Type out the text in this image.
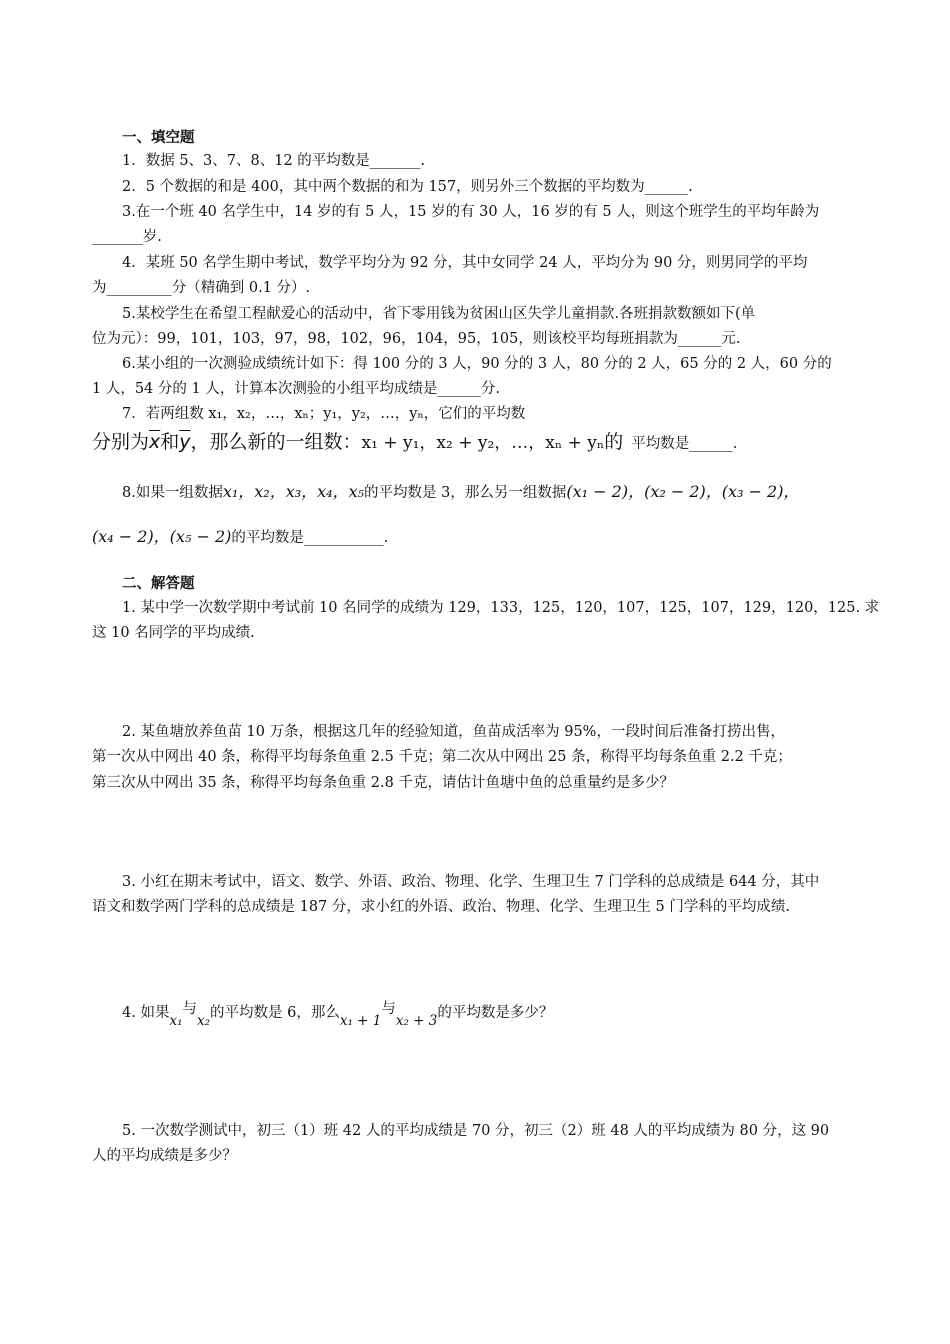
一、填空题
1．数据 5、3、7、8、12 的平均数是_______.
2．5 个数据的和是 400，其中两个数据的和为 157，则另外三个数据的平均数为______.
3.在一个班 40 名学生中，14 岁的有 5 人，15 岁的有 30 人，16 岁的有 5 人，则这个班学生的平均年龄为
_______岁.
4．某班 50 名学生期中考试，数学平均分为 92 分，其中女同学 24 人，平均分为 90 分，则男同学的平均
为_________分（精确到 0.1 分）.
5.某校学生在希望工程献爱心的活动中，省下零用钱为贫困山区失学儿童捐款.各班捐款数额如下(单
位为元）：99，101，103，97，98，102，96，104，95，105，则该校平均每班捐款为______元.
6.某小组的一次测验成绩统计如下：得 100 分的 3 人，90 分的 3 人，80 分的 2 人，65 分的 2 人，60 分的
1 人，54 分的 1 人，计算本次测验的小组平均成绩是______分.
7．若两组数 x₁，x₂，…，xₙ；y₁，y₂，…，yₙ，它们的平均数
分别为$\overline{x}$和$\overline{y}$，那么新的一组数：x₁ + y₁，x₂ + y₂，…，xₙ + yₙ的 平均数是______.
8.如果一组数据x₁，x₂，x₃，x₄，x₅的平均数是 3，那么另一组数据(x₁ − 2)，(x₂ − 2)，(x₃ − 2)，
(x₄ − 2)，(x₅ − 2)的平均数是___________.
二、解答题
1. 某中学一次数学期中考试前 10 名同学的成绩为 129，133，125，120，107，125，107，129，120，125. 求
这 10 名同学的平均成绩.
2. 某鱼塘放养鱼苗 10 万条，根据这几年的经验知道，鱼苗成活率为 95%，一段时间后准备打捞出售，
第一次从中网出 40 条，称得平均每条鱼重 2.5 千克；第二次从中网出 25 条，称得平均每条鱼重 2.2 千克；
第三次从中网出 35 条，称得平均每条鱼重 2.8 千克，请估计鱼塘中鱼的总重量约是多少？
3. 小红在期末考试中，语文、数学、外语、政治、物理、化学、生理卫生 7 门学科的总成绩是 644 分，其中
语文和数学两门学科的总成绩是 187 分，求小红的外语、政治、物理、化学、生理卫生 5 门学科的平均成绩.
4. 如果x₁与x₂的平均数是 6，那么x₁ + 1与x₂ + 3的平均数是多少？
5. 一次数学测试中，初三（1）班 42 人的平均成绩是 70 分，初三（2）班 48 人的平均成绩为 80 分，这 90
人的平均成绩是多少？
